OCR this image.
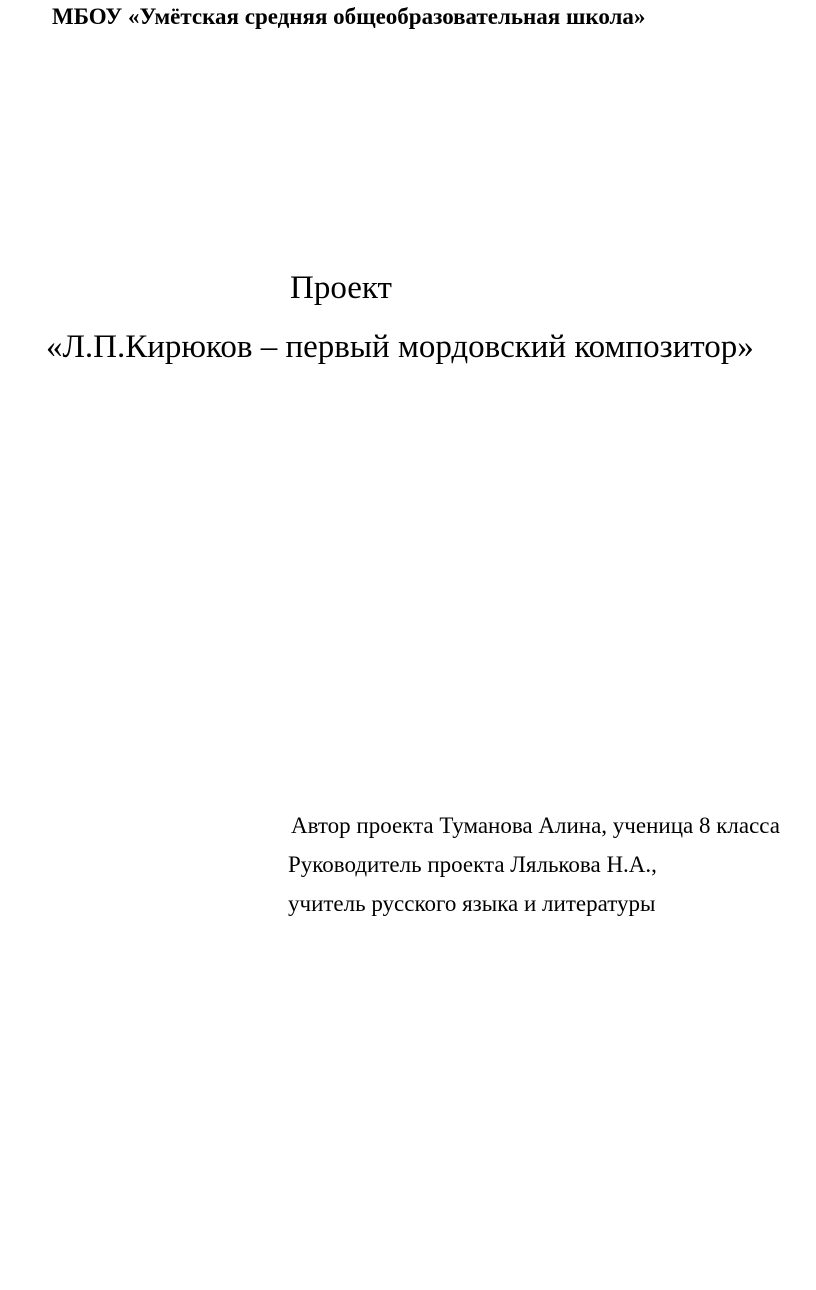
МБОУ «Умётская средняя общеобразовательная школа»
Проект
«Л.П.Кирюков – первый мордовский композитор»
Автор проекта Туманова Алина, ученица 8 класса
Руководитель проекта Лялькова Н.А.,
учитель русского языка и литературы
